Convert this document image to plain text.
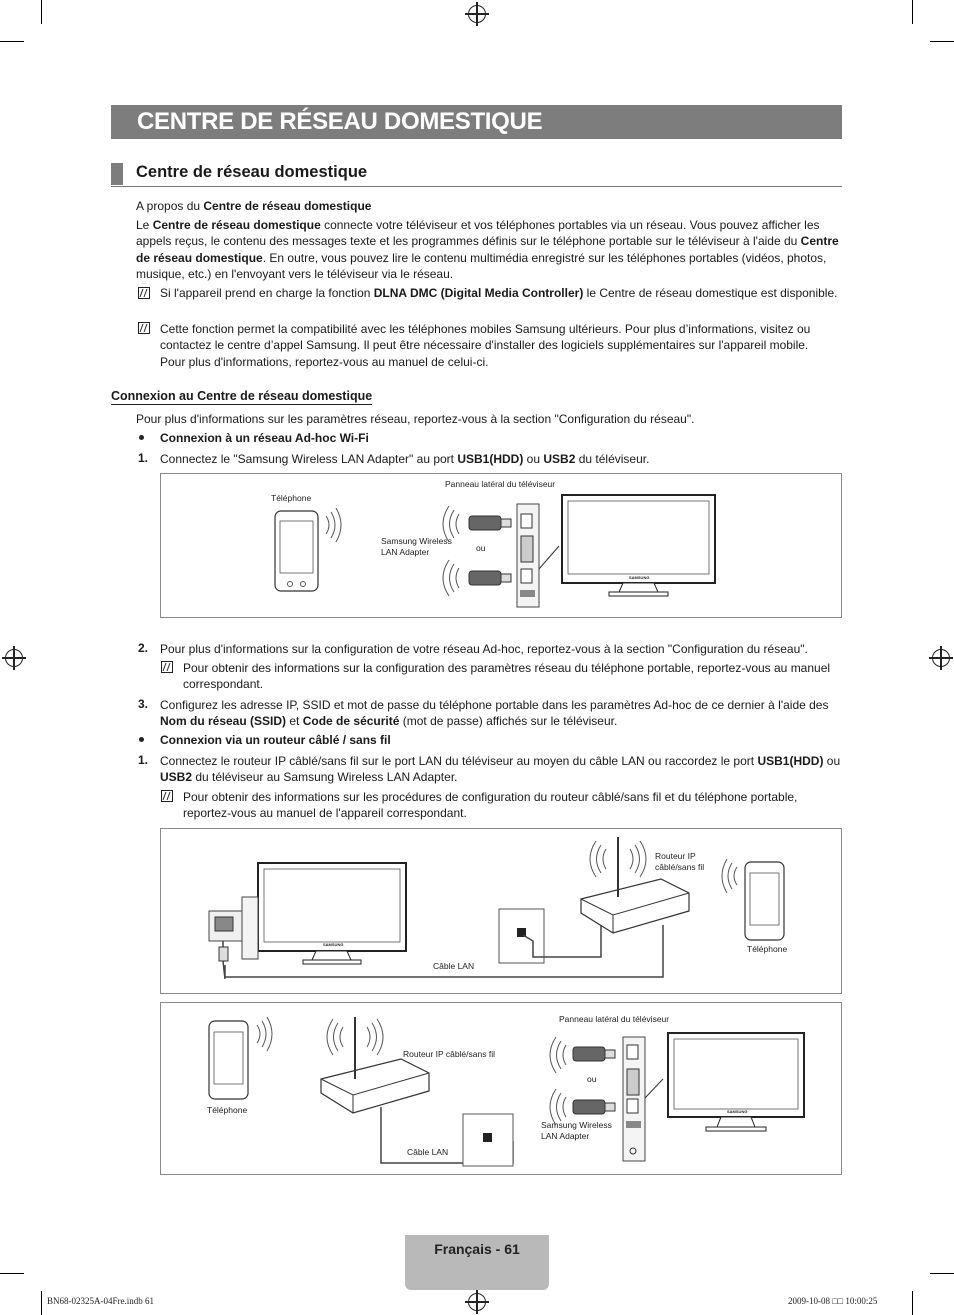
CENTRE DE RÉSEAU DOMESTIQUE
Centre de réseau domestique
A propos du Centre de réseau domestique
Le Centre de réseau domestique connecte votre téléviseur et vos téléphones portables via un réseau. Vous pouvez afficher les appels reçus, le contenu des messages texte et les programmes définis sur le téléphone portable sur le téléviseur à l'aide du Centre de réseau domestique. En outre, vous pouvez lire le contenu multimédia enregistré sur les téléphones portables (vidéos, photos, musique, etc.) en l'envoyant vers le téléviseur via le réseau.
Si l'appareil prend en charge la fonction DLNA DMC (Digital Media Controller) le Centre de réseau domestique est disponible.
Cette fonction permet la compatibilité avec les téléphones mobiles Samsung ultérieurs. Pour plus d’informations, visitez ou contactez le centre d’appel Samsung. Il peut être nécessaire d'installer des logiciels supplémentaires sur l'appareil mobile. Pour plus d'informations, reportez-vous au manuel de celui-ci.
Connexion au Centre de réseau domestique
Pour plus d'informations sur les paramètres réseau, reportez-vous à la section "Configuration du réseau".
Connexion à un réseau Ad-hoc Wi-Fi
1. Connectez le "Samsung Wireless LAN Adapter" au port USB1(HDD) ou USB2 du téléviseur.
Téléphone
Panneau latéral du téléviseur
Samsung Wireless LAN Adapter	ou
SAMSUNG
2. Pour plus d'informations sur la configuration de votre réseau Ad-hoc, reportez-vous à la section "Configuration du réseau".
Pour obtenir des informations sur la configuration des paramètres réseau du téléphone portable, reportez-vous au manuel correspondant.
3. Configurez les adresse IP, SSID et mot de passe du téléphone portable dans les paramètres Ad-hoc de ce dernier à l'aide des Nom du réseau (SSID) et Code de sécurité (mot de passe) affichés sur le téléviseur.
Connexion via un routeur câblé / sans fil
1. Connectez le routeur IP câblé/sans fil sur le port LAN du téléviseur au moyen du câble LAN ou raccordez le port USB1(HDD) ou USB2 du téléviseur au Samsung Wireless LAN Adapter.
Pour obtenir des informations sur les procédures de configuration du routeur câblé/sans fil et du téléphone portable, reportez-vous au manuel de l'appareil correspondant.
Routeur IP câblé/sans fil
Téléphone
Câble LAN
SAMSUNG
Téléphone
Routeur IP câblé/sans fil
Câble LAN
Panneau latéral du téléviseur
ou
Samsung Wireless LAN Adapter
SAMSUNG
Français - 61
BN68-02325A-04Fre.indb 61	2009-10-08 □□ 10:00:25
